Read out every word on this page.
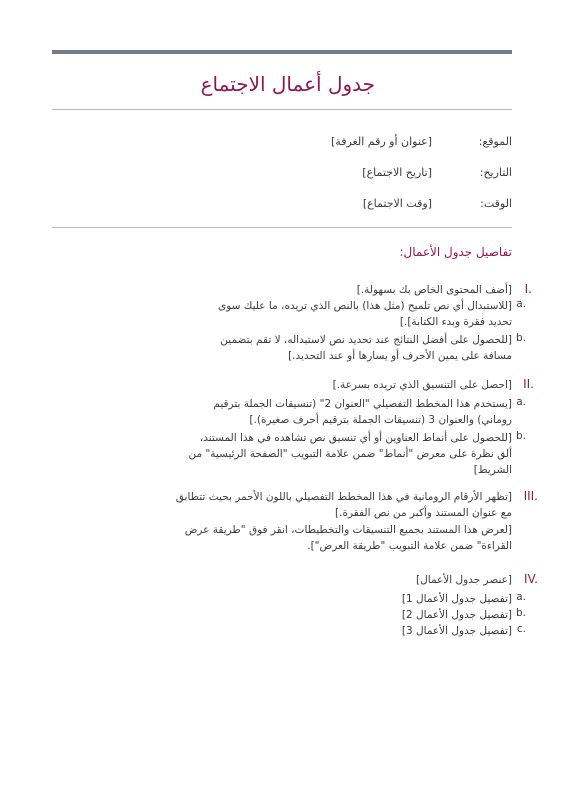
جدول أعمال الاجتماع
الموقع:
[عنوان أو رقم الغرفة]
التاريخ:
[تاريخ الاجتماع]
الوقت:
[وقت الاجتماع]
تفاصيل جدول الأعمال:
I.
[أضف المحتوى الخاص بك بسهولة.]
a.
[للاستبدال أي نص تلميح (مثل هذا) بالنص الذي تريده، ما عليك سوى
تحديد فقرة وبدء الكتابة].]
b.
[للحصول على أفضل النتائج عند تحديد نص لاستبداله، لا تقم بتضمين
مسافة على يمين الأحرف أو يسارها أو عند التحديد.]
II.
[احصل على التنسيق الذي تريده بسرعة.]
a.
[يستخدم هذا المخطط التفصيلي "العنوان 2" (تنسيقات الجملة بترقيم
روماني) والعنوان 3 (تنسيقات الجملة بترقيم أحرف صغيرة).]
b.
[للحصول على أنماط العناوين أو أي تنسيق نص تشاهده في هذا المستند،
ألق نظرة على معرض "أنماط" ضمن علامة التبويب "الصفحة الرئيسية" من
الشريط]
III.
[تظهر الأرقام الرومانية في هذا المخطط التفصيلي باللون الأحمر بحيث تتطابق
مع عنوان المستند وأكبر من نص الفقرة.]
[لعرض هذا المستند بجميع التنسيقات والتخطيطات، انقر فوق "طريقة عرض
القراءة" ضمن علامة التبويب "طريقة العرض"].
IV.
[عنصر جدول الأعمال]
a.
[تفصيل جدول الأعمال 1]
b.
[تفصيل جدول الأعمال 2]
c.
[تفصيل جدول الأعمال 3]
